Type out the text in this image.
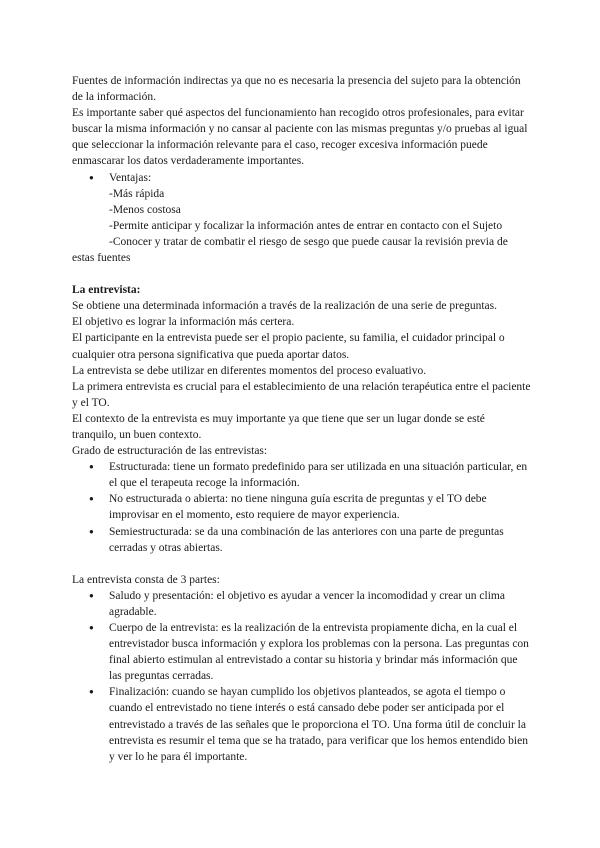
Fuentes de información indirectas ya que no es necesaria la presencia del sujeto para la obtención de la información.

Es importante saber qué aspectos del funcionamiento han recogido otros profesionales, para evitar buscar la misma información y no cansar al paciente con las mismas preguntas y/o pruebas al igual que seleccionar la información relevante para el caso, recoger excesiva información puede enmascarar los datos verdaderamente importantes.

● Ventajas:

-Más rápida

-Menos costosa

-Permite anticipar y focalizar la información antes de entrar en contacto con el Sujeto

-Conocer y tratar de combatir el riesgo de sesgo que puede causar la revisión previa de estas fuentes

La entrevista:

Se obtiene una determinada información a través de la realización de una serie de preguntas.

El objetivo es lograr la información más certera.

El participante en la entrevista puede ser el propio paciente, su familia, el cuidador principal o cualquier otra persona significativa que pueda aportar datos.

La entrevista se debe utilizar en diferentes momentos del proceso evaluativo.

La primera entrevista es crucial para el establecimiento de una relación terapéutica entre el paciente y el TO.

El contexto de la entrevista es muy importante ya que tiene que ser un lugar donde se esté tranquilo, un buen contexto.

Grado de estructuración de las entrevistas:

● Estructurada: tiene un formato predefinido para ser utilizada en una situación particular, en el que el terapeuta recoge la información.
● No estructurada o abierta: no tiene ninguna guía escrita de preguntas y el TO debe improvisar en el momento, esto requiere de mayor experiencia.
● Semiestructurada: se da una combinación de las anteriores con una parte de preguntas cerradas y otras abiertas.

La entrevista consta de 3 partes:

● Saludo y presentación: el objetivo es ayudar a vencer la incomodidad y crear un clima agradable.
● Cuerpo de la entrevista: es la realización de la entrevista propiamente dicha, en la cual el entrevistador busca información y explora los problemas con la persona. Las preguntas con final abierto estimulan al entrevistado a contar su historia y brindar más información que las preguntas cerradas.
● Finalización: cuando se hayan cumplido los objetivos planteados, se agota el tiempo o cuando el entrevistado no tiene interés o está cansado debe poder ser anticipada por el entrevistado a través de las señales que le proporciona el TO. Una forma útil de concluir la entrevista es resumir el tema que se ha tratado, para verificar que los hemos entendido bien y ver lo he para él importante.
